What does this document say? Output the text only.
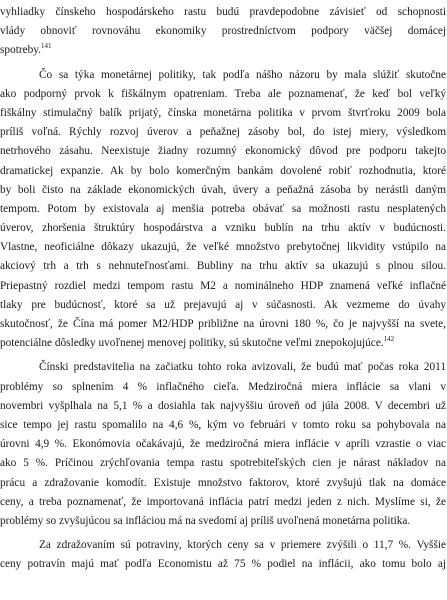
vyhliadky čínskeho hospodárskeho rastu budú pravdepodobne závisieť od schopnosti
vlády obnoviť rovnováhu ekonomiky prostredníctvom podpory väčšej domácej
spotreby.$^{141}$
Čo sa týka monetárnej politiky, tak podľa nášho názoru by mala slúžiť skutočne
ako podporný prvok k fiškálnym opatreniam. Treba ale poznamenať, že keď bol veľký
fiškálny stimulačný balík prijatý, čínska monetárna politika v prvom štvrťroku 2009 bola
príliš voľná. Rýchly rozvoj úverov a peňažnej zásoby bol, do istej miery, výsledkom
netrhového zásahu. Neexistuje žiadny rozumný ekonomický dôvod pre podporu takejto
dramatickej expanzie. Ak by bolo komerčným bankám dovolené robiť rozhodnutia, ktoré
by boli čisto na základe ekonomických úvah, úvery a peňažná zásoba by nerástli daným
tempom. Potom by existovala aj menšia potreba obávať sa možnosti rastu nesplatených
úverov, zhoršenia štruktúry hospodárstva a vzniku bublín na trhu aktív v budúcnosti.
Vlastne, neoficiálne dôkazy ukazujú, že veľké množstvo prebytočnej likvidity vstúpilo na
akciový trh a trh s nehnuteľnosťami. Bubliny na trhu aktív sa ukazujú s plnou silou.
Priepastný rozdiel medzi tempom rastu M2 a nominálneho HDP znamená veľké inflačné
tlaky pre budúcnosť, ktoré sa už prejavujú aj v súčasnosti. Ak vezmeme do úvahy
skutočnosť, že Čína má pomer M2/HDP približne na úrovni 180 %, čo je najvyšší na svete,
potenciálne dôsledky uvoľnenej menovej politiky, sú skutočne veľmi znepokojujúce.$^{142}$
Čínski predstavitelia na začiatku tohto roka avizovali, že budú mať počas roka 2011
problémy so splnením 4 % inflačného cieľa. Medziročná miera inflácie sa vlani v
novembri vyšplhala na 5,1 % a dosiahla tak najvyššiu úroveň od júla 2008. V decembri už
sice tempo jej rastu spomalilo na 4,6 %, kým vo februári v tomto roku sa pohybovala na
úrovni 4,9 %. Ekonómovia očakávajú, že medziročná miera inflácie v apríli vzrastie o viac
ako 5 %. Príčinou zrýchľovania tempa rastu spotrebiteľských cien je nárast nákladov na
prácu a zdražovanie komodít. Existuje množstvo faktorov, ktoré zvyšujú tlak na domáce
ceny, a treba poznamenať, že importovaná inflácia patrí medzi jeden z nich. Myslíme si, že
problémy so zvyšujúcou sa infláciou má na svedomí aj príliš uvoľnená monetárna politika.
Za zdražovaním sú potraviny, ktorých ceny sa v priemere zvýšili o 11,7 %. Vyššie
ceny potravín majú mať podľa Economistu až 75 % podiel na inflácii, ako tomu bolo aj
